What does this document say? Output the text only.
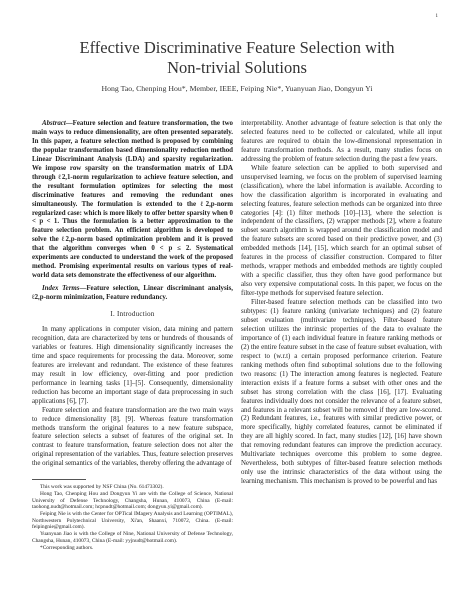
1
Effective Discriminative Feature Selection with
Non-trivial Solutions
Hong Tao, Chenping Hou*, Member, IEEE, Feiping Nie*, Yuanyuan Jiao, Dongyun Yi

Abstract—Feature selection and feature transformation, the two main ways to reduce dimensionality, are often presented separately. In this paper, a feature selection method is proposed by combining the popular transformation based dimensionality reduction method Linear Discriminant Analysis (LDA) and sparsity regularization. We impose row sparsity on the transformation matrix of LDA through ℓ2,1-norm regularization to achieve feature selection, and the resultant formulation optimizes for selecting the most discriminative features and removing the redundant ones simultaneously. The formulation is extended to the ℓ2,p-norm regularized case: which is more likely to offer better sparsity when 0 < p < 1. Thus the formulation is a better approximation to the feature selection problem. An efficient algorithm is developed to solve the ℓ2,p-norm based optimization problem and it is proved that the algorithm converges when 0 < p ≤ 2. Systematical experiments are conducted to understand the work of the proposed method. Promising experimental results on various types of real-world data sets demonstrate the effectiveness of our algorithm.

Index Terms—Feature selection, Linear discriminant analysis, ℓ2,p-norm minimization, Feature redundancy.

I. Introduction

In many applications in computer vision, data mining and pattern recognition, data are characterized by tens or hundreds of thousands of variables or features. High dimensionality significantly increases the time and space requirements for processing the data. Moreover, some features are irrelevant and redundant. The existence of these features may result in low efficiency, over-fitting and poor prediction performance in learning tasks [1]–[5]. Consequently, dimensionality reduction has become an important stage of data preprocessing in such applications [6], [7].

Feature selection and feature transformation are the two main ways to reduce dimensionality [8], [9]. Whereas feature transformation methods transform the original features to a new feature subspace, feature selection selects a subset of features of the original set. In contrast to feature transformation, feature selection does not alter the original representation of the variables. Thus, feature selection preserves the original semantics of the variables, thereby offering the advantage of

This work was supported by NSF China (No. 61473302).

Hong Tao, Chenping Hou and Dongyun Yi are with the College of Science, National University of Defense Technology, Changsha, Hunan, 410073, China (E-mail: taohong.nudt@hotmail.com; hcpnudt@hotmail.com; dongyun.yi@gmail.com).

Feiping Nie is with the Center for OPTical IMagery Analysis and Learning (OPTIMAL), Northwestern Polytechnical University, Xi'an, Shaanxi, 710072, China. (E-mail: feipingnie@gmail.com).

Yuanyuan Jiao is with the College of Nine, National University of Defense Technology, Changsha, Hunan, 410073, China (E-mail: yyjnudt@hotmail.com).

*Corresponding authors.

interpretability. Another advantage of feature selection is that only the selected features need to be collected or calculated, while all input features are required to obtain the low-dimensional representation in feature transformation methods. As a result, many studies focus on addressing the problem of feature selection during the past a few years.

While feature selection can be applied to both supervised and unsupervised learning, we focus on the problem of supervised learning (classification), where the label information is available. According to how the classification algorithm is incorporated in evaluating and selecting features, feature selection methods can be organized into three categories [4]: (1) filter methods [10]–[13], where the selection is independent of the classifiers, (2) wrapper methods [2], where a feature subset search algorithm is wrapped around the classification model and the feature subsets are scored based on their predictive power, and (3) embedded methods [14], [15], which search for an optimal subset of features in the process of classifier construction. Compared to filter methods, wrapper methods and embedded methods are tightly coupled with a specific classifier, thus they often have good performance but also very expensive computational costs. In this paper, we focus on the filter-type methods for supervised feature selection.

Filter-based feature selection methods can be classified into two subtypes: (1) feature ranking (univariate techniques) and (2) feature subset evaluation (multivariate techniques). Filter-based feature selection utilizes the intrinsic properties of the data to evaluate the importance of (1) each individual feature in feature ranking methods or (2) the entire feature subset in the case of feature subset evaluation, with respect to (w.r.t) a certain proposed performance criterion. Feature ranking methods often find suboptimal solutions due to the following two reasons: (1) The interaction among features is neglected. Feature interaction exists if a feature forms a subset with other ones and the subset has strong correlation with the class [16], [17]. Evaluating features individually does not consider the relevance of a feature subset, and features in a relevant subset will be removed if they are low-scored. (2) Redundant features, i.e., features with similar predictive power, or more specifically, highly correlated features, cannot be eliminated if they are all highly scored. In fact, many studies [12], [16] have shown that removing redundant features can improve the prediction accuracy. Multivariate techniques overcome this problem to some degree. Nevertheless, both subtypes of filter-based feature selection methods only use the intrinsic characteristics of the data without using the learning mechanism. This mechanism is proved to be powerful and has
